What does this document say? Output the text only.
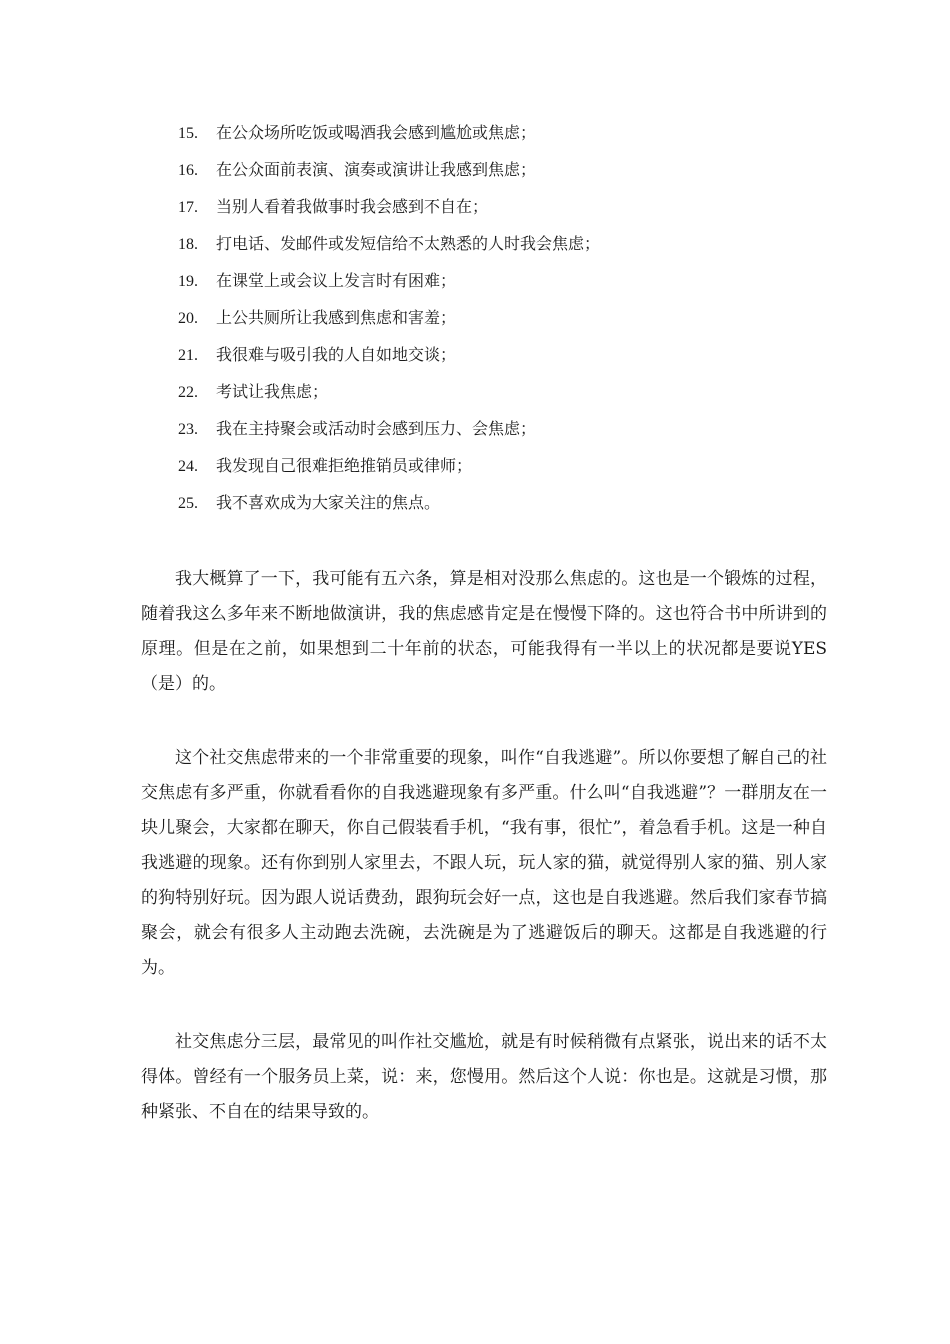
15. 在公众场所吃饭或喝酒我会感到尴尬或焦虑；
16. 在公众面前表演、演奏或演讲让我感到焦虑；
17. 当别人看着我做事时我会感到不自在；
18. 打电话、发邮件或发短信给不太熟悉的人时我会焦虑；
19. 在课堂上或会议上发言时有困难；
20. 上公共厕所让我感到焦虑和害羞；
21. 我很难与吸引我的人自如地交谈；
22. 考试让我焦虑；
23. 我在主持聚会或活动时会感到压力、会焦虑；
24. 我发现自己很难拒绝推销员或律师；
25. 我不喜欢成为大家关注的焦点。

我大概算了一下，我可能有五六条，算是相对没那么焦虑的。这也是一个锻炼的过程，随着我这么多年来不断地做演讲，我的焦虑感肯定是在慢慢下降的。这也符合书中所讲到的原理。但是在之前，如果想到二十年前的状态，可能我得有一半以上的状况都是要说YES（是）的。

这个社交焦虑带来的一个非常重要的现象，叫作“自我逃避”。所以你要想了解自己的社交焦虑有多严重，你就看看你的自我逃避现象有多严重。什么叫“自我逃避”？一群朋友在一块儿聚会，大家都在聊天，你自己假装看手机，“我有事，很忙”，着急看手机。这是一种自我逃避的现象。还有你到别人家里去，不跟人玩，玩人家的猫，就觉得别人家的猫、别人家的狗特别好玩。因为跟人说话费劲，跟狗玩会好一点，这也是自我逃避。然后我们家春节搞聚会，就会有很多人主动跑去洗碗，去洗碗是为了逃避饭后的聊天。这都是自我逃避的行为。

社交焦虑分三层，最常见的叫作社交尴尬，就是有时候稍微有点紧张，说出来的话不太得体。曾经有一个服务员上菜，说：来，您慢用。然后这个人说：你也是。这就是习惯，那种紧张、不自在的结果导致的。
